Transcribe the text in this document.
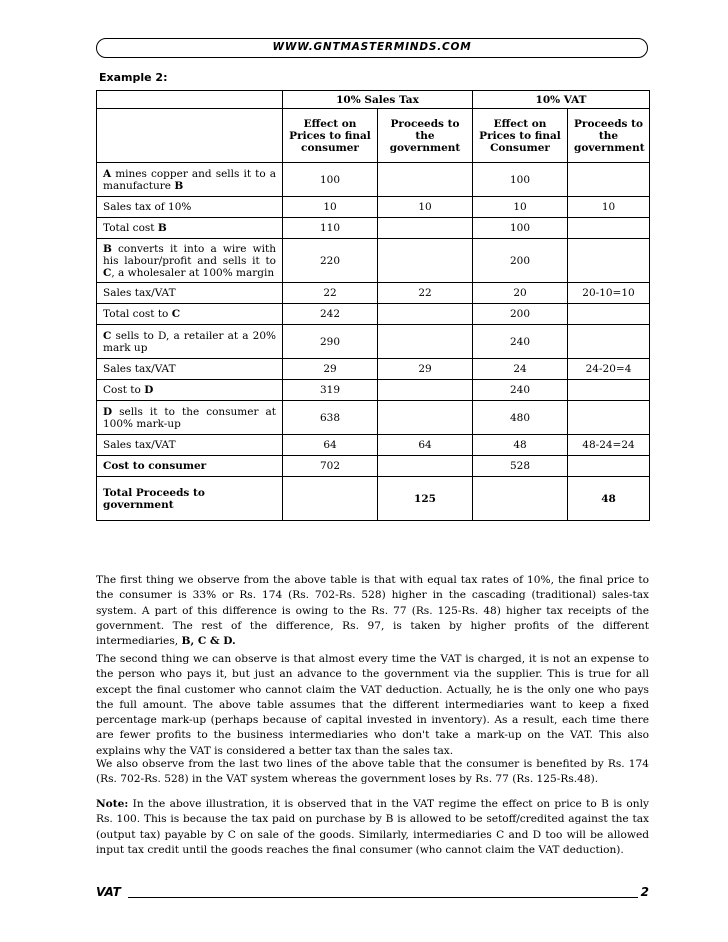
WWW.GNTMASTERMINDS.COM
Example 2:
	10% Sales Tax		10% VAT	
	Effect on Prices to final consumer	Proceeds to the government	Effect on Prices to final Consumer	Proceeds to the government
A mines copper and sells it to a manufacture B	100		100	
Sales tax of 10%	10	10	10	10
Total cost B	110		100	
B converts it into a wire with his labour/profit and sells it to C, a wholesaler at 100% margin	220		200	
Sales tax/VAT	22	22	20	20-10=10
Total cost to C	242		200	
C sells to D, a retailer at a 20% mark up	290		240	
Sales tax/VAT	29	29	24	24-20=4
Cost to D	319		240	
D sells it to the consumer at 100% mark-up	638		480	
Sales tax/VAT	64	64	48	48-24=24
Cost to consumer	702		528	
Total Proceeds to government		125		48
The first thing we observe from the above table is that with equal tax rates of 10%, the final price to the consumer is 33% or Rs. 174 (Rs. 702-Rs. 528) higher in the cascading (traditional) sales-tax system. A part of this difference is owing to the Rs. 77 (Rs. 125-Rs. 48) higher tax receipts of the government. The rest of the difference, Rs. 97, is taken by higher profits of the different intermediaries, B, C & D.
The second thing we can observe is that almost every time the VAT is charged, it is not an expense to the person who pays it, but just an advance to the government via the supplier. This is true for all except the final customer who cannot claim the VAT deduction. Actually, he is the only one who pays the full amount. The above table assumes that the different intermediaries want to keep a fixed percentage mark-up (perhaps because of capital invested in inventory). As a result, each time there are fewer profits to the business intermediaries who don't take a mark-up on the VAT. This also explains why the VAT is considered a better tax than the sales tax.
We also observe from the last two lines of the above table that the consumer is benefited by Rs. 174 (Rs. 702-Rs. 528) in the VAT system whereas the government loses by Rs. 77 (Rs. 125-Rs.48).
Note: In the above illustration, it is observed that in the VAT regime the effect on price to B is only Rs. 100. This is because the tax paid on purchase by B is allowed to be setoff/credited against the tax (output tax) payable by C on sale of the goods. Similarly, intermediaries C and D too will be allowed input tax credit until the goods reaches the final consumer (who cannot claim the VAT deduction).
VAT	2
